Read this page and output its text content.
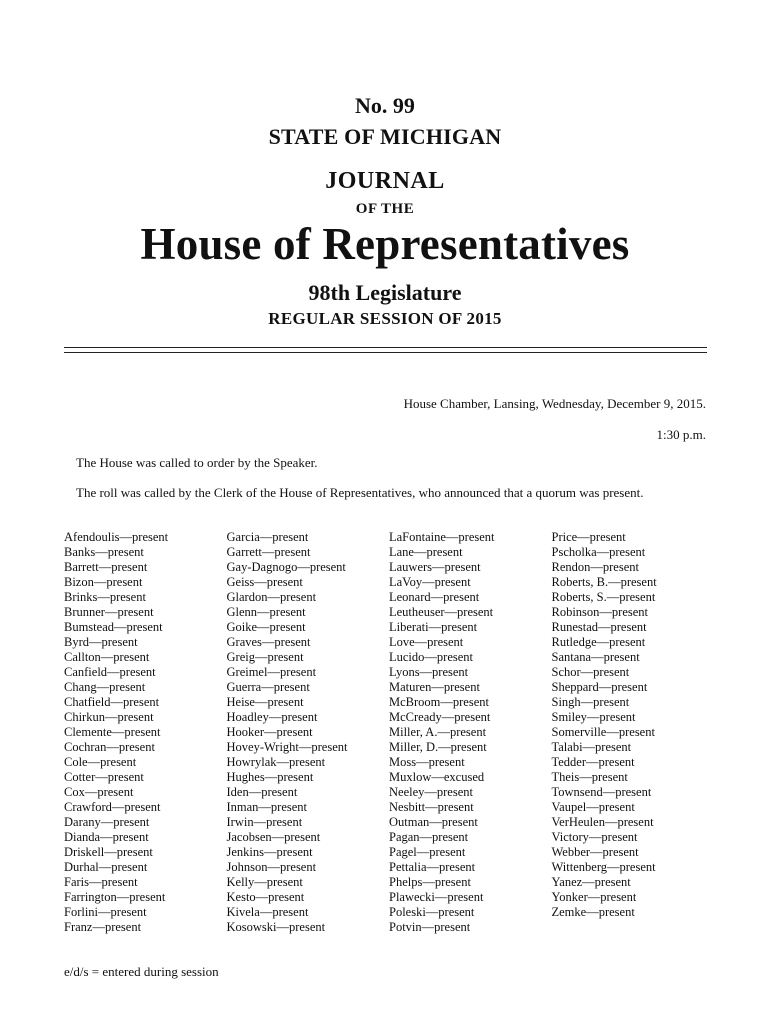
No. 99
STATE OF MICHIGAN
JOURNAL
OF THE
House of Representatives
98th Legislature
REGULAR SESSION OF 2015
House Chamber, Lansing, Wednesday, December 9, 2015.
1:30 p.m.
The House was called to order by the Speaker.
The roll was called by the Clerk of the House of Representatives, who announced that a quorum was present.
Afendoulis—present
Banks—present
Barrett—present
Bizon—present
Brinks—present
Brunner—present
Bumstead—present
Byrd—present
Callton—present
Canfield—present
Chang—present
Chatfield—present
Chirkun—present
Clemente—present
Cochran—present
Cole—present
Cotter—present
Cox—present
Crawford—present
Darany—present
Dianda—present
Driskell—present
Durhal—present
Faris—present
Farrington—present
Forlini—present
Franz—present
Garcia—present
Garrett—present
Gay-Dagnogo—present
Geiss—present
Glardon—present
Glenn—present
Goike—present
Graves—present
Greig—present
Greimel—present
Guerra—present
Heise—present
Hoadley—present
Hooker—present
Hovey-Wright—present
Howrylak—present
Hughes—present
Iden—present
Inman—present
Irwin—present
Jacobsen—present
Jenkins—present
Johnson—present
Kelly—present
Kesto—present
Kivela—present
Kosowski—present
LaFontaine—present
Lane—present
Lauwers—present
LaVoy—present
Leonard—present
Leutheuser—present
Liberati—present
Love—present
Lucido—present
Lyons—present
Maturen—present
McBroom—present
McCready—present
Miller, A.—present
Miller, D.—present
Moss—present
Muxlow—excused
Neeley—present
Nesbitt—present
Outman—present
Pagan—present
Pagel—present
Pettalia—present
Phelps—present
Plawecki—present
Poleski—present
Potvin—present
Price—present
Pscholka—present
Rendon—present
Roberts, B.—present
Roberts, S.—present
Robinson—present
Runestad—present
Rutledge—present
Santana—present
Schor—present
Sheppard—present
Singh—present
Smiley—present
Somerville—present
Talabi—present
Tedder—present
Theis—present
Townsend—present
Vaupel—present
VerHeulen—present
Victory—present
Webber—present
Wittenberg—present
Yanez—present
Yonker—present
Zemke—present
e/d/s = entered during session
